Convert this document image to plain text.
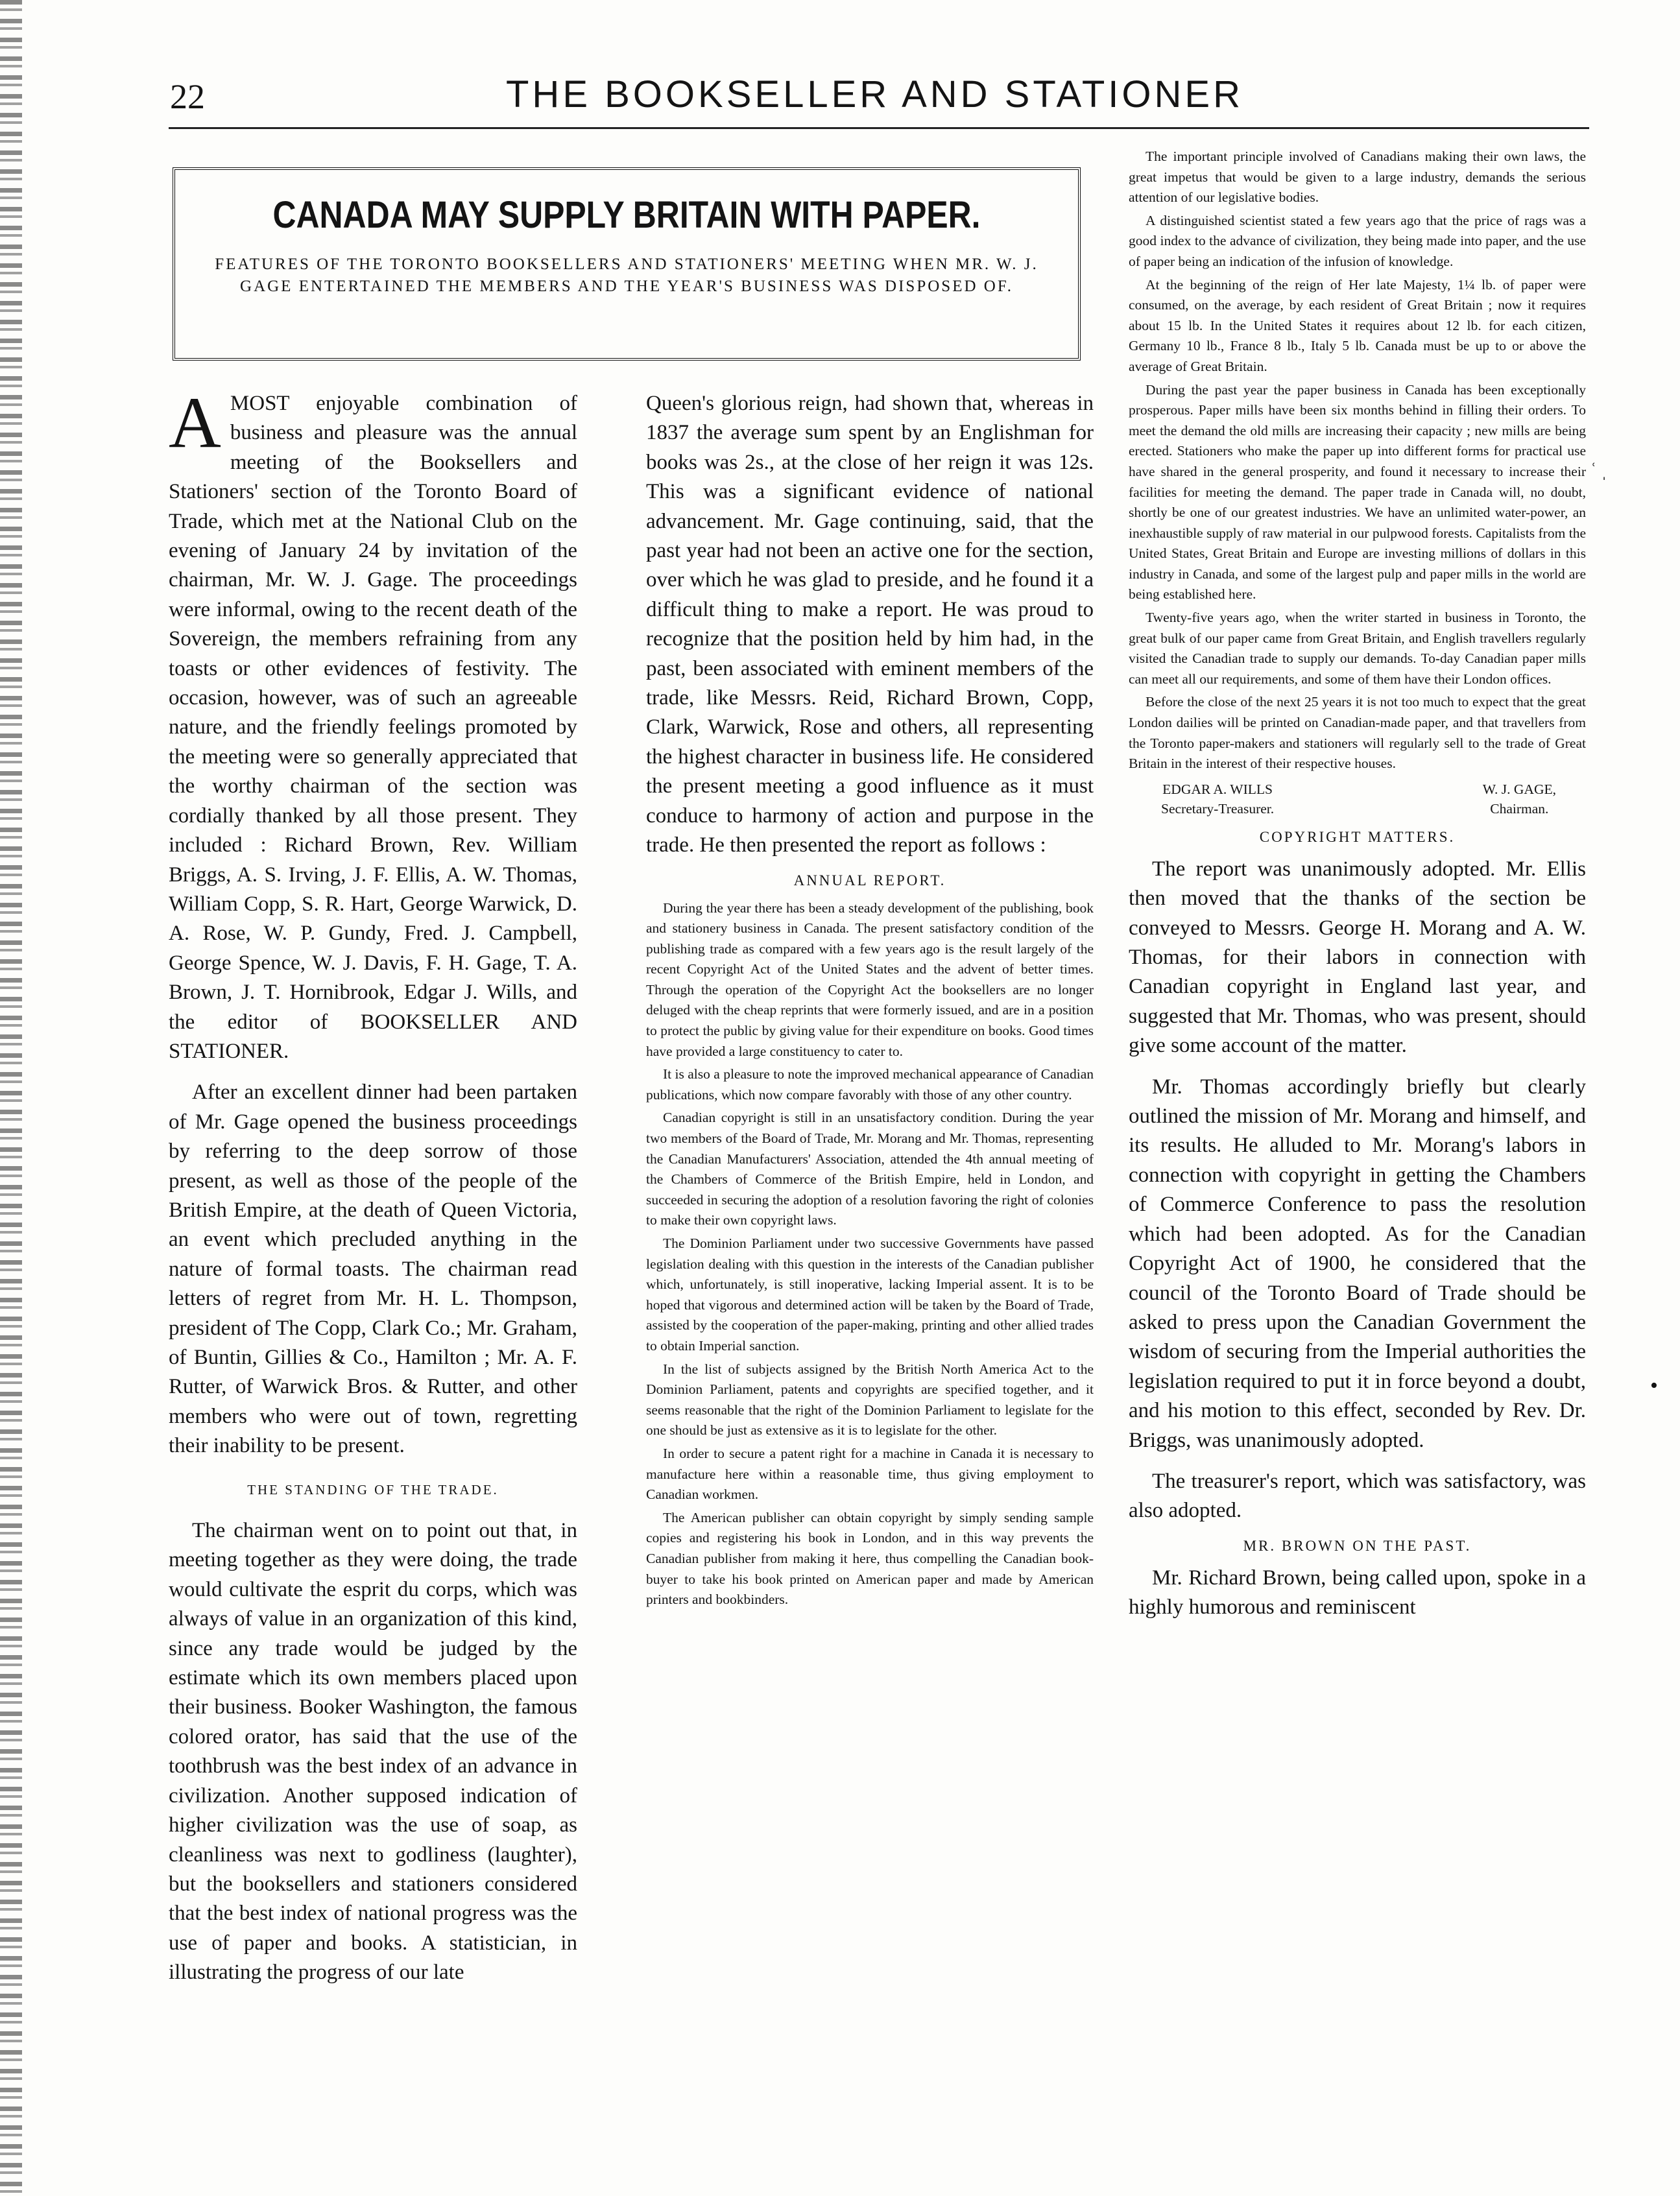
22	THE BOOKSELLER AND STATIONER
CANADA MAY SUPPLY BRITAIN WITH PAPER.
FEATURES OF THE TORONTO BOOKSELLERS AND STATIONERS' MEETING WHEN MR. W. J. GAGE ENTERTAINED THE MEMBERS AND THE YEAR'S BUSINESS WAS DISPOSED OF.

AMOST enjoyable combination of business and pleasure was the annual meeting of the Booksellers and Stationers' section of the Toronto Board of Trade, which met at the National Club on the evening of January 24 by invitation of the chairman, Mr. W. J. Gage. The proceedings were informal, owing to the recent death of the Sovereign, the members refraining from any toasts or other evidences of festivity. The occasion, however, was of such an agreeable nature, and the friendly feelings promoted by the meeting were so generally appreciated that the worthy chairman of the section was cordially thanked by all those present. They included : Richard Brown, Rev. William Briggs, A. S. Irving, J. F. Ellis, A. W. Thomas, William Copp, S. R. Hart, George Warwick, D. A. Rose, W. P. Gundy, Fred. J. Campbell, George Spence, W. J. Davis, F. H. Gage, T. A. Brown, J. T. Hornibrook, Edgar J. Wills, and the editor of BOOKSELLER AND STATIONER.

After an excellent dinner had been partaken of Mr. Gage opened the business proceedings by referring to the deep sorrow of those present, as well as those of the people of the British Empire, at the death of Queen Victoria, an event which precluded anything in the nature of formal toasts. The chairman read letters of regret from Mr. H. L. Thompson, president of The Copp, Clark Co.; Mr. Graham, of Buntin, Gillies & Co., Hamilton ; Mr. A. F. Rutter, of Warwick Bros. & Rutter, and other members who were out of town, regretting their inability to be present.

THE STANDING OF THE TRADE.

The chairman went on to point out that, in meeting together as they were doing, the trade would cultivate the esprit du corps, which was always of value in an organization of this kind, since any trade would be judged by the estimate which its own members placed upon their business. Booker Washington, the famous colored orator, has said that the use of the toothbrush was the best index of an advance in civilization. Another supposed indication of higher civilization was the use of soap, as cleanliness was next to godliness (laughter), but the booksellers and stationers considered that the best index of national progress was the use of paper and books. A statistician, in illustrating the progress of our late

Queen's glorious reign, had shown that, whereas in 1837 the average sum spent by an Englishman for books was 2s., at the close of her reign it was 12s. This was a significant evidence of national advancement. Mr. Gage continuing, said, that the past year had not been an active one for the section, over which he was glad to preside, and he found it a difficult thing to make a report. He was proud to recognize that the position held by him had, in the past, been associated with eminent members of the trade, like Messrs. Reid, Richard Brown, Copp, Clark, Warwick, Rose and others, all representing the highest character in business life. He considered the present meeting a good influence as it must conduce to harmony of action and purpose in the trade. He then presented the report as follows :

ANNUAL REPORT.

During the year there has been a steady development of the publishing, book and stationery business in Canada. The present satisfactory condition of the publishing trade as compared with a few years ago is the result largely of the recent Copyright Act of the United States and the advent of better times. Through the operation of the Copyright Act the booksellers are no longer deluged with the cheap reprints that were formerly issued, and are in a position to protect the public by giving value for their expenditure on books. Good times have provided a large constituency to cater to.

It is also a pleasure to note the improved mechanical appearance of Canadian publications, which now compare favorably with those of any other country.

Canadian copyright is still in an unsatisfactory condition. During the year two members of the Board of Trade, Mr. Morang and Mr. Thomas, representing the Canadian Manufacturers' Association, attended the 4th annual meeting of the Chambers of Commerce of the British Empire, held in London, and succeeded in securing the adoption of a resolution favoring the right of colonies to make their own copyright laws.

The Dominion Parliament under two successive Governments have passed legislation dealing with this question in the interests of the Canadian publisher which, unfortunately, is still inoperative, lacking Imperial assent. It is to be hoped that vigorous and determined action will be taken by the Board of Trade, assisted by the cooperation of the paper-making, printing and other allied trades to obtain Imperial sanction.

In the list of subjects assigned by the British North America Act to the Dominion Parliament, patents and copyrights are specified together, and it seems reasonable that the right of the Dominion Parliament to legislate for the one should be just as extensive as it is to legislate for the other.

In order to secure a patent right for a machine in Canada it is necessary to manufacture here within a reasonable time, thus giving employment to Canadian workmen.

The American publisher can obtain copyright by simply sending sample copies and registering his book in London, and in this way prevents the Canadian publisher from making it here, thus compelling the Canadian book-buyer to take his book printed on American paper and made by American printers and bookbinders.

The important principle involved of Canadians making their own laws, the great impetus that would be given to a large industry, demands the serious attention of our legislative bodies.

A distinguished scientist stated a few years ago that the price of rags was a good index to the advance of civilization, they being made into paper, and the use of paper being an indication of the infusion of knowledge.

At the beginning of the reign of Her late Majesty, 1¼ lb. of paper were consumed, on the average, by each resident of Great Britain ; now it requires about 15 lb. In the United States it requires about 12 lb. for each citizen, Germany 10 lb., France 8 lb., Italy 5 lb. Canada must be up to or above the average of Great Britain.

During the past year the paper business in Canada has been exceptionally prosperous. Paper mills have been six months behind in filling their orders. To meet the demand the old mills are increasing their capacity ; new mills are being erected. Stationers who make the paper up into different forms for practical use have shared in the general prosperity, and found it necessary to increase their facilities for meeting the demand. The paper trade in Canada will, no doubt, shortly be one of our greatest industries. We have an unlimited water-power, an inexhaustible supply of raw material in our pulpwood forests. Capitalists from the United States, Great Britain and Europe are investing millions of dollars in this industry in Canada, and some of the largest pulp and paper mills in the world are being established here.

Twenty-five years ago, when the writer started in business in Toronto, the great bulk of our paper came from Great Britain, and English travellers regularly visited the Canadian trade to supply our demands. To-day Canadian paper mills can meet all our requirements, and some of them have their London offices.

Before the close of the next 25 years it is not too much to expect that the great London dailies will be printed on Canadian-made paper, and that travellers from the Toronto paper-makers and stationers will regularly sell to the trade of Great Britain in the interest of their respective houses.

EDGAR A. WILLS
Secretary-Treasurer.
W. J. GAGE,
Chairman.
COPYRIGHT MATTERS.

The report was unanimously adopted. Mr. Ellis then moved that the thanks of the section be conveyed to Messrs. George H. Morang and A. W. Thomas, for their labors in connection with Canadian copyright in England last year, and suggested that Mr. Thomas, who was present, should give some account of the matter.

Mr. Thomas accordingly briefly but clearly outlined the mission of Mr. Morang and himself, and its results. He alluded to Mr. Morang's labors in connection with copyright in getting the Chambers of Commerce Conference to pass the resolution which had been adopted. As for the Canadian Copyright Act of 1900, he considered that the council of the Toronto Board of Trade should be asked to press upon the Canadian Government the wisdom of securing from the Imperial authorities the legislation required to put it in force beyond a doubt, and his motion to this effect, seconded by Rev. Dr. Briggs, was unanimously adopted.

The treasurer's report, which was satisfactory, was also adopted.

MR. BROWN ON THE PAST.

Mr. Richard Brown, being called upon, spoke in a highly humorous and reminiscent

ʿ ˌ
•
